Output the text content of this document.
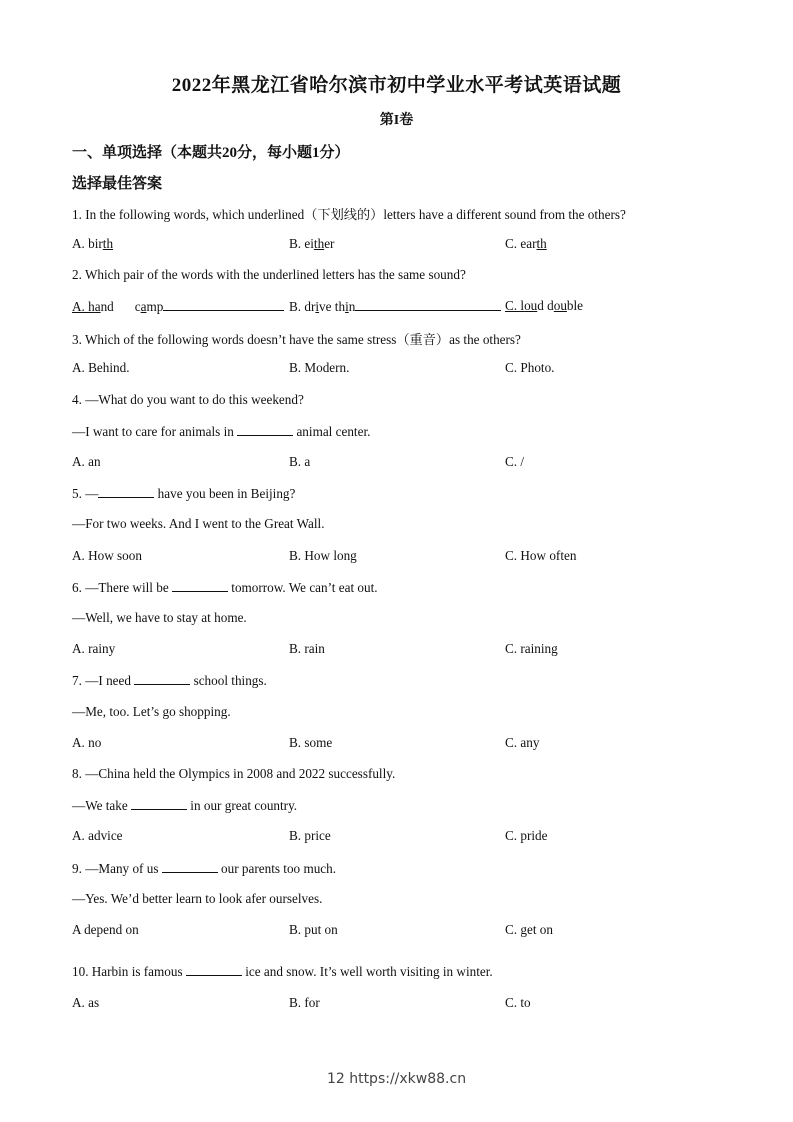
2022年黑龙江省哈尔滨市初中学业水平考试英语试题
第I卷
一、单项选择（本题共20分，每小题1分）
选择最佳答案
1. In the following words, which underlined（下划线的）letters have a different sound from the others?
A. birth	B. either	C. earth
2. Which pair of the words with the underlined letters has the same sound?
A. hand camp	B. drive thin	C. loud double
3. Which of the following words doesn’t have the same stress（重音）as the others?
A. Behind.	B. Modern.	C. Photo.
4. —What do you want to do this weekend?
—I want to care for animals in	animal center.
A. an	B. a	C. /
5. —	have you been in Beijing?
—For two weeks. And I went to the Great Wall.
A. How soon	B. How long	C. How often
6. —There will be	tomorrow. We can’t eat out.
—Well, we have to stay at home.
A. rainy	B. rain	C. raining
7. —I need	school things.
—Me, too. Let’s go shopping.
A. no	B. some	C. any
8. —China held the Olympics in 2008 and 2022 successfully.
—We take	in our great country.
A. advice	B. price	C. pride
9. —Many of us	our parents too much.
—Yes. We’d better learn to look afer ourselves.
A depend on	B. put on	C. get on
10. Harbin is famous	ice and snow. It’s well worth visiting in winter.
A. as	B. for	C. to
12 https://xkw88.cn
